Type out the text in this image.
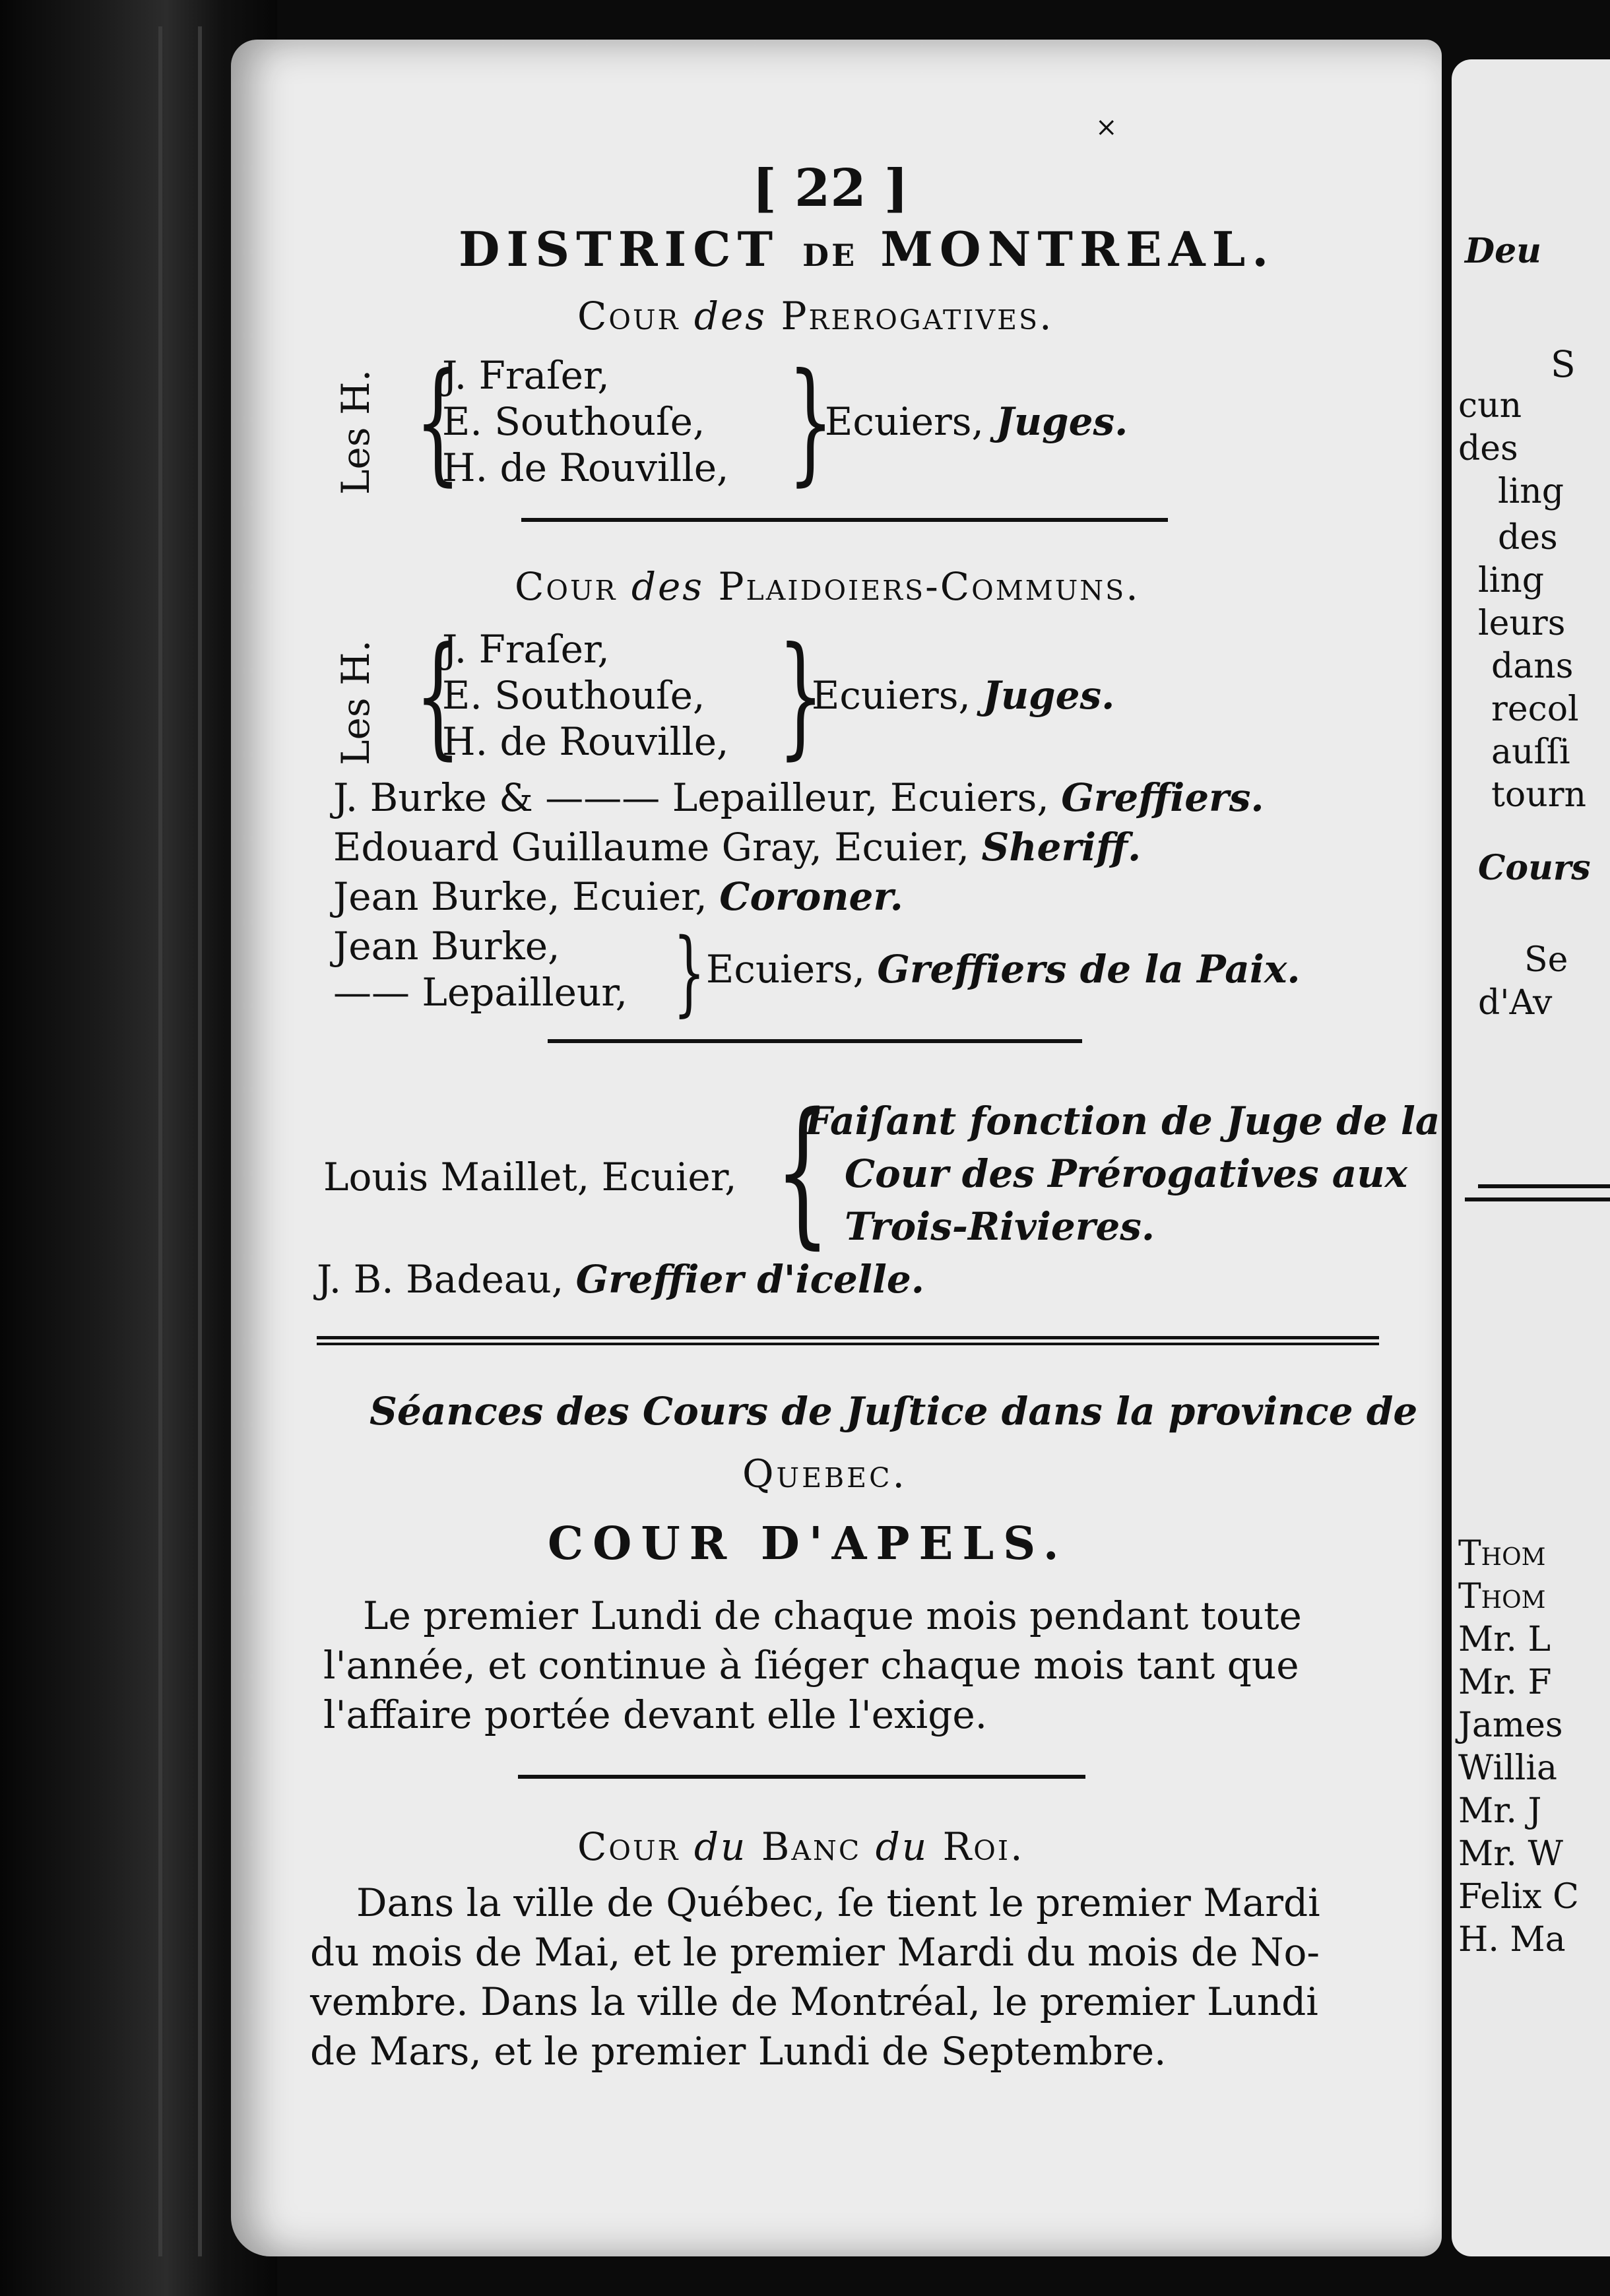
×
[ 22 ]
DISTRICT DE MONTREAL.
Cour des Prerogatives.
Les H. {
J. Fraſer,
E. Southouſe,
H. de Rouville, }
Ecuiers, Juges.
Cour des Plaidoiers-Communs.
Les H. {
J. Fraſer,
E. Southouſe,
H. de Rouville, }
Ecuiers, Juges.
J. Burke & ——— Lepailleur, Ecuiers, Greffiers.
Edouard Guillaume Gray, Ecuier, Sheriff.
Jean Burke, Ecuier, Coroner.
Jean Burke,
—— Lepailleur, } Ecuiers, Greffiers de la Paix.
Louis Maillet, Ecuier, {
Faiſant fonction de Juge de la
Cour des Prérogatives aux
Trois-Rivieres.
J. B. Badeau, Greffier d'icelle.
Séances des Cours de Juſtice dans la province de
Quebec.
COUR D'APELS.
Le premier Lundi de chaque mois pendant toute
l'année, et continue à ſiéger chaque mois tant que
l'affaire portée devant elle l'exige.
Cour du Banc du Roi.
Dans la ville de Québec, ſe tient le premier Mardi
du mois de Mai, et le premier Mardi du mois de No-
vembre. Dans la ville de Montréal, le premier Lundi
de Mars, et le premier Lundi de Septembre.
Deu
S
cun
des
ling
des
ling
leurs
dans
recol
auſſi
tourn
Cours
Se
d'Av
Thom
Thom
Mr. L
Mr. F
James
Willia
Mr. J
Mr. W
Felix C
H. Ma
